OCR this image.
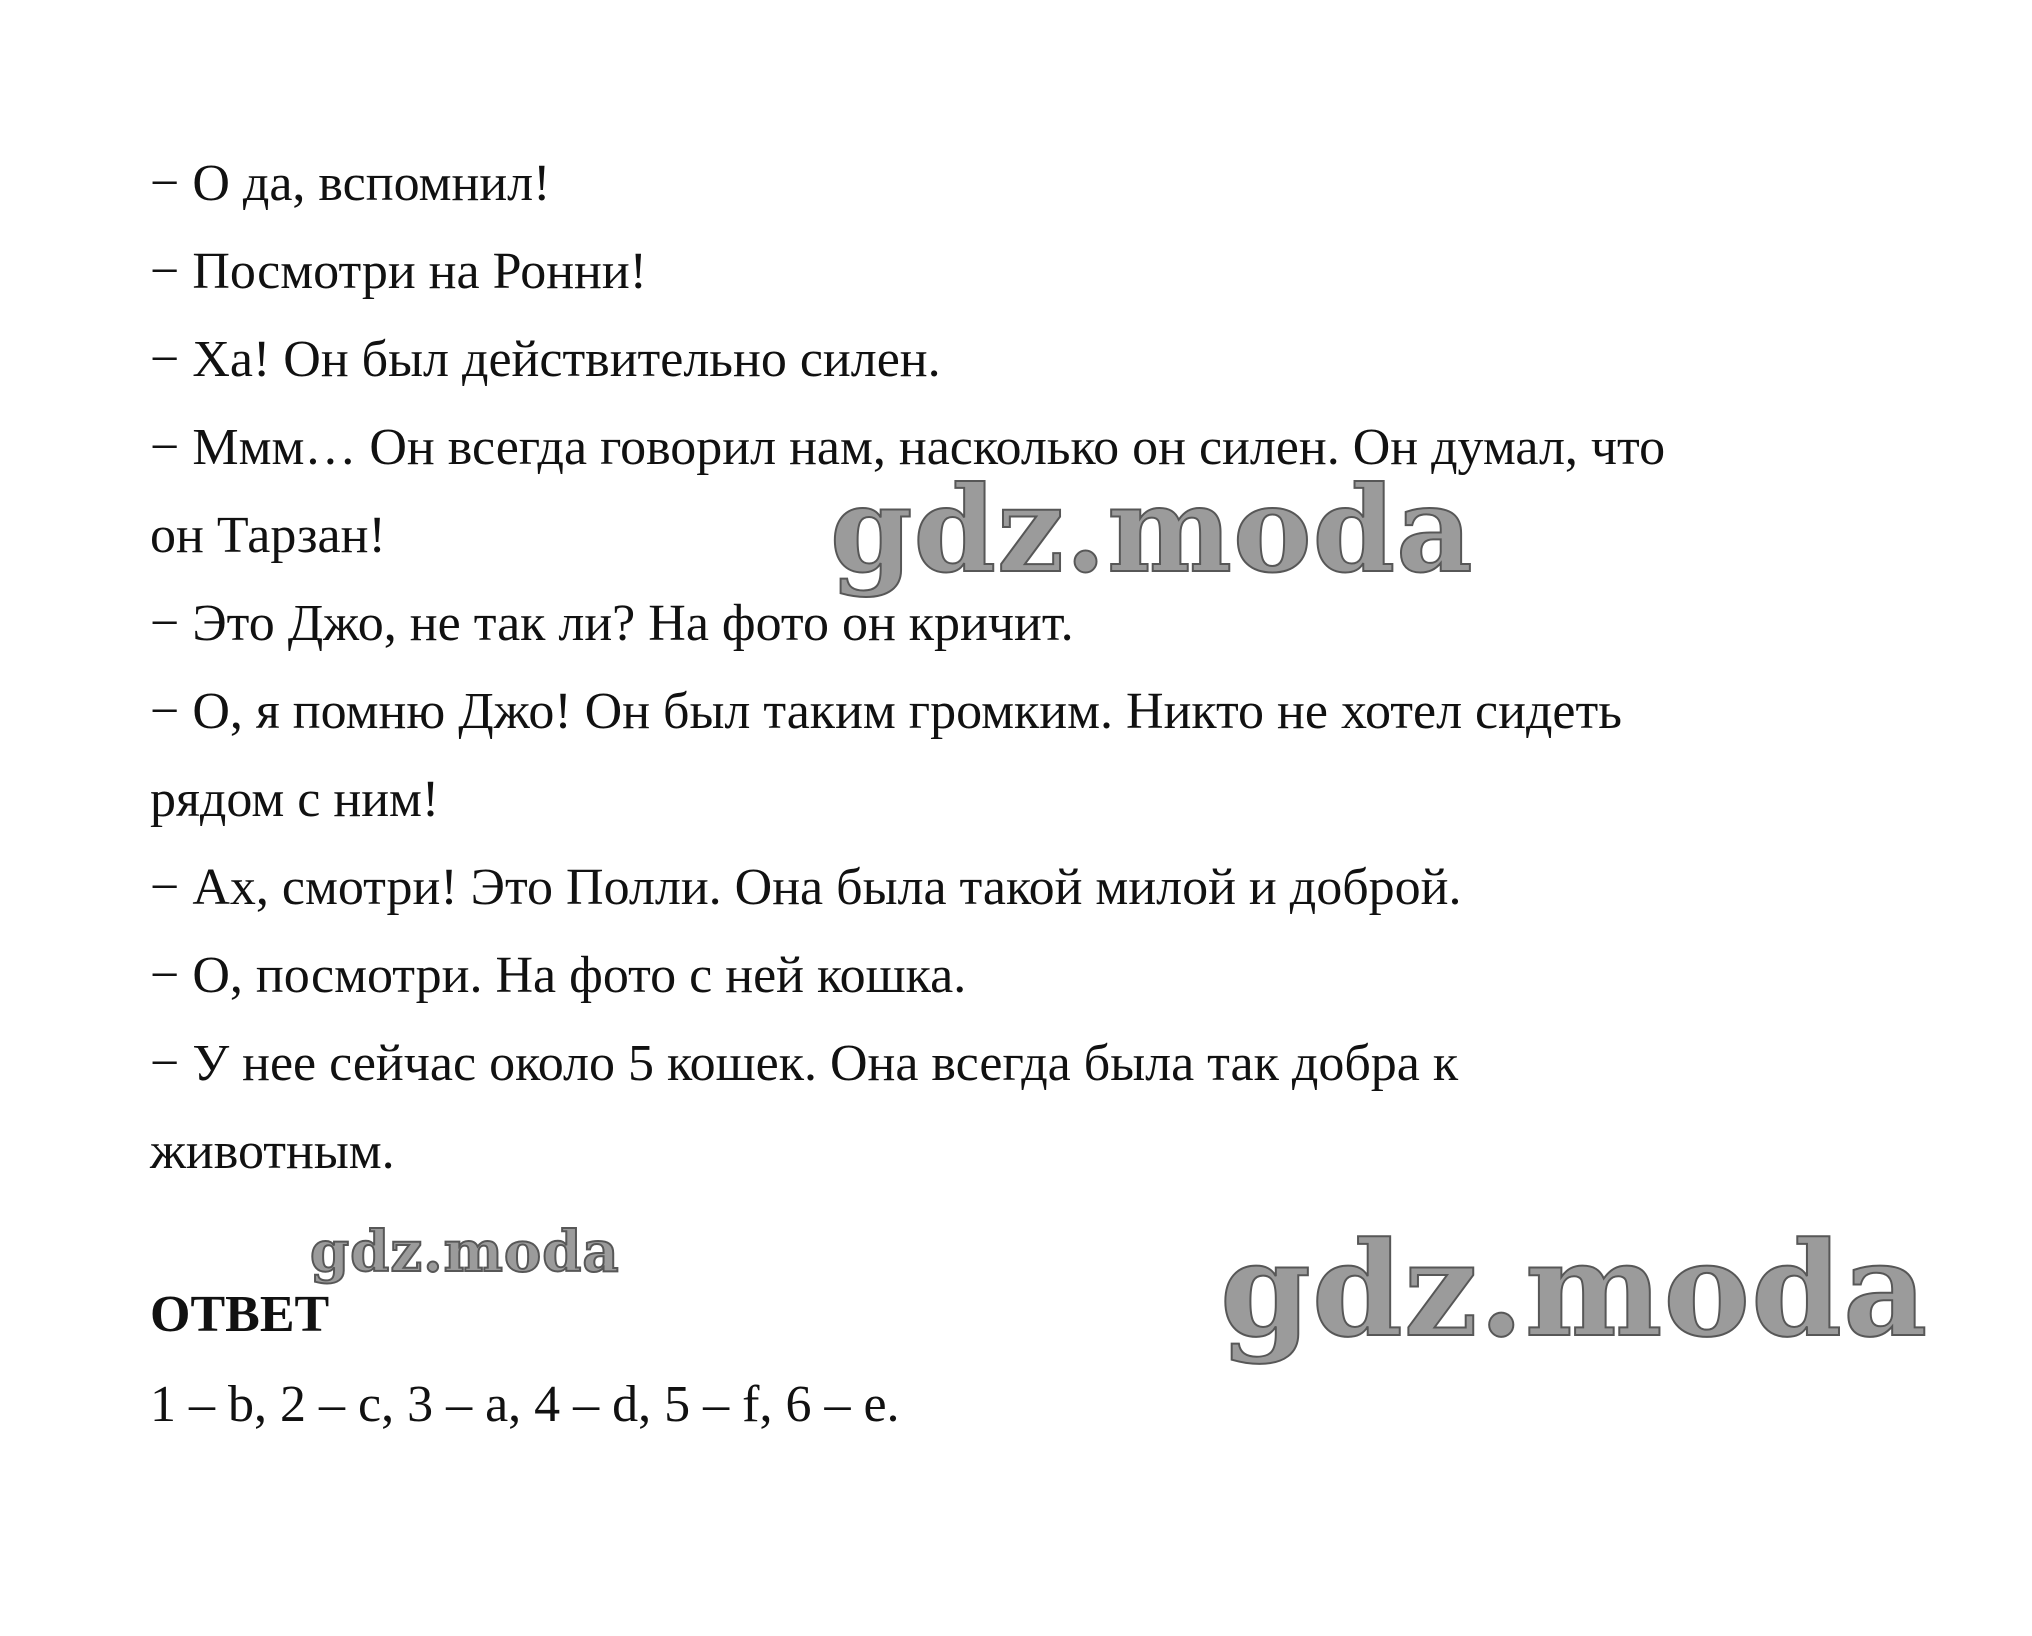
− О да, вспомнил!

− Посмотри на Ронни!

− Ха! Он был действительно силен.

− Ммм… Он всегда говорил нам, насколько он силен. Он думал, что

он Тарзан!

− Это Джо, не так ли? На фото он кричит.

− О, я помню Джо! Он был таким громким. Никто не хотел сидеть

рядом с ним!

− Ах, смотри! Это Полли. Она была такой милой и доброй.

− О, посмотри. На фото с ней кошка.

− У нее сейчас около 5 кошек. Она всегда была так добра к

животным.

ОТВЕТ
1 – b, 2 – c, 3 – a, 4 – d, 5 – f, 6 – e.
gdz.moda
gdz.moda	gdz.moda
